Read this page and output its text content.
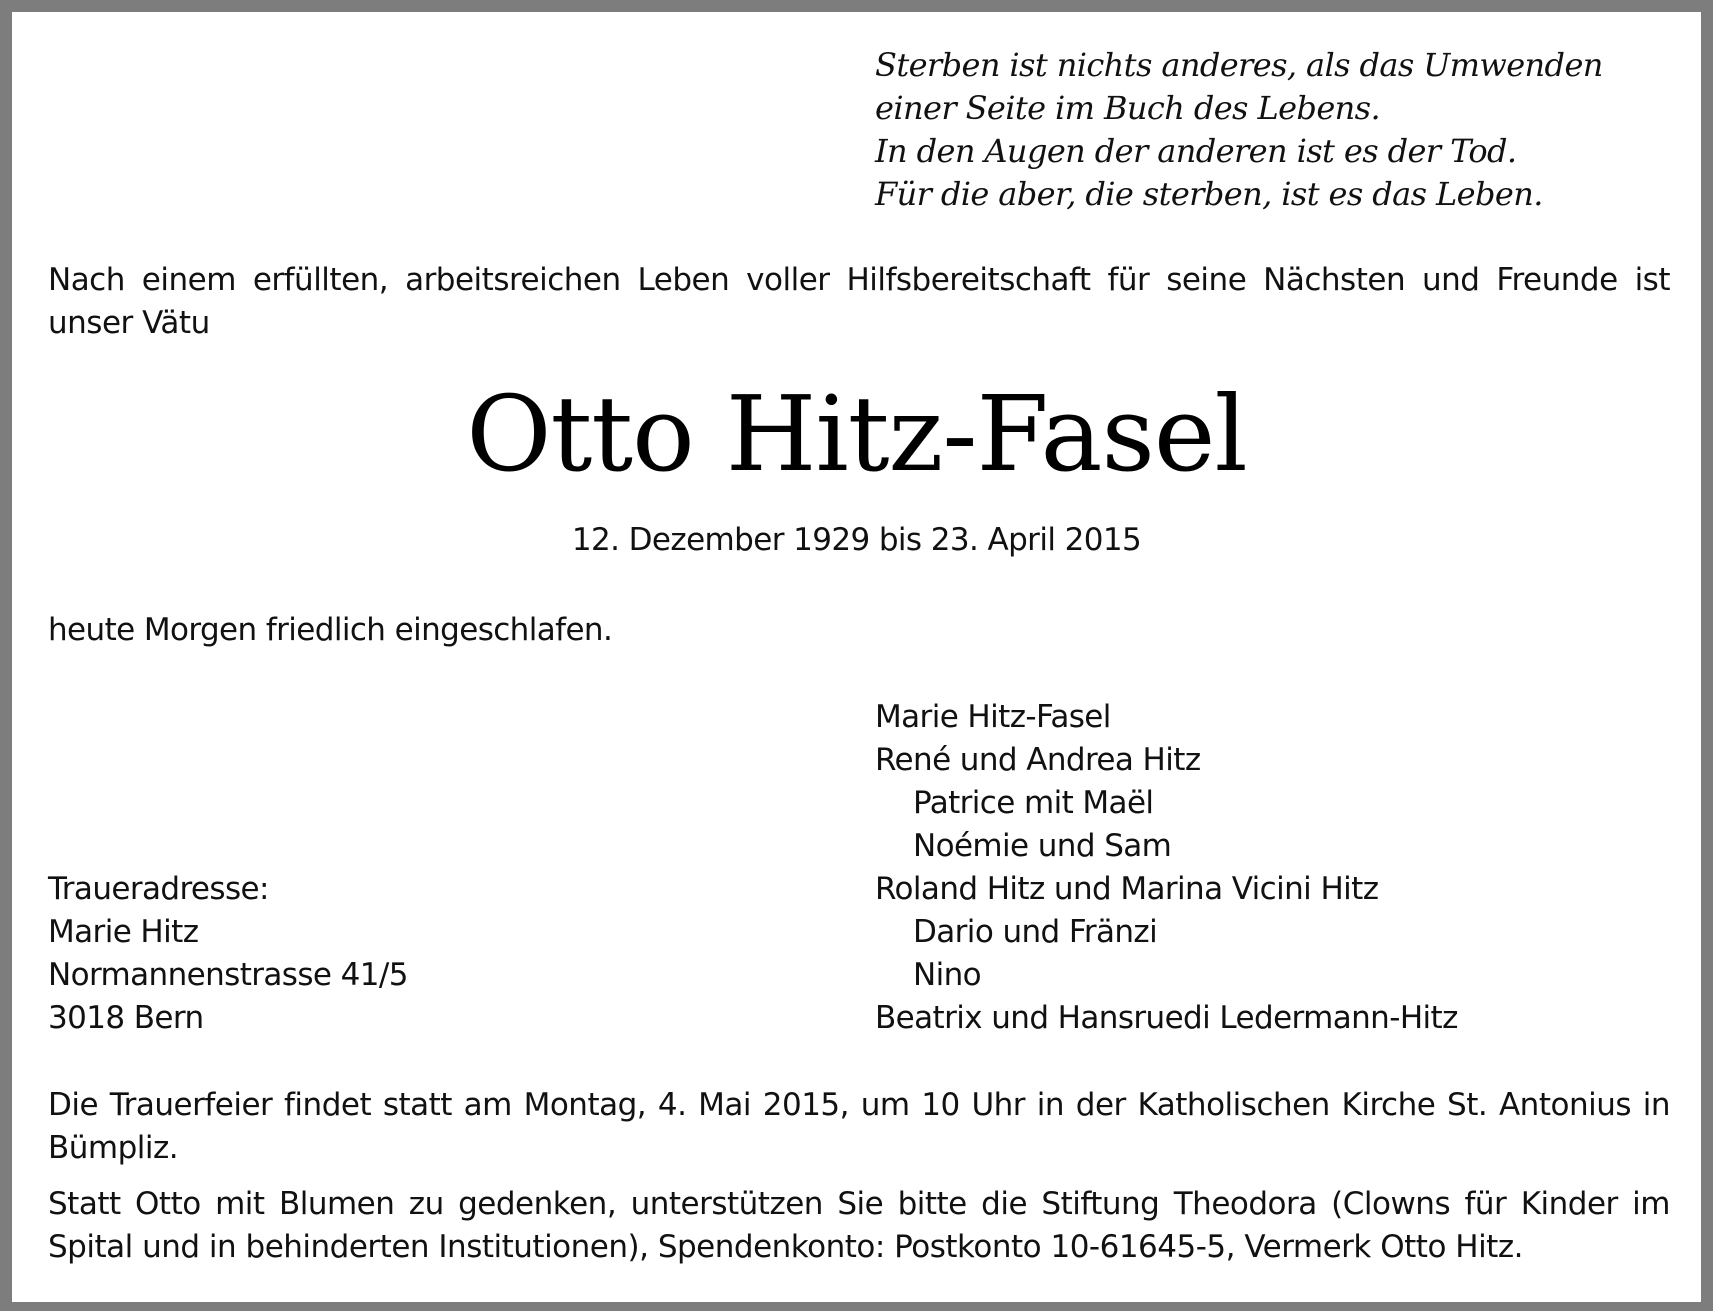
Sterben ist nichts anderes, als das Umwenden
einer Seite im Buch des Lebens.
In den Augen der anderen ist es der Tod.
Für die aber, die sterben, ist es das Leben.
Nach einem erfüllten, arbeitsreichen Leben voller Hilfsbereitschaft für seine Nächsten und Freunde ist unser Vätu
Otto Hitz-Fasel
12. Dezember 1929 bis 23. April 2015
heute Morgen friedlich eingeschlafen.
Marie Hitz-Fasel
René und Andrea Hitz
Patrice mit Maël
Noémie und Sam
Roland Hitz und Marina Vicini Hitz
Dario und Fränzi
Nino
Beatrix und Hansruedi Ledermann-Hitz
Traueradresse:
Marie Hitz
Normannenstrasse 41/5
3018 Bern
Die Trauerfeier findet statt am Montag, 4. Mai 2015, um 10 Uhr in der Katholischen Kirche St. Antonius in Bümpliz.
Statt Otto mit Blumen zu gedenken, unterstützen Sie bitte die Stiftung Theodora (Clowns für Kinder im Spital und in behinderten Institutionen), Spendenkonto: Postkonto 10-61645-5, Vermerk Otto Hitz.
